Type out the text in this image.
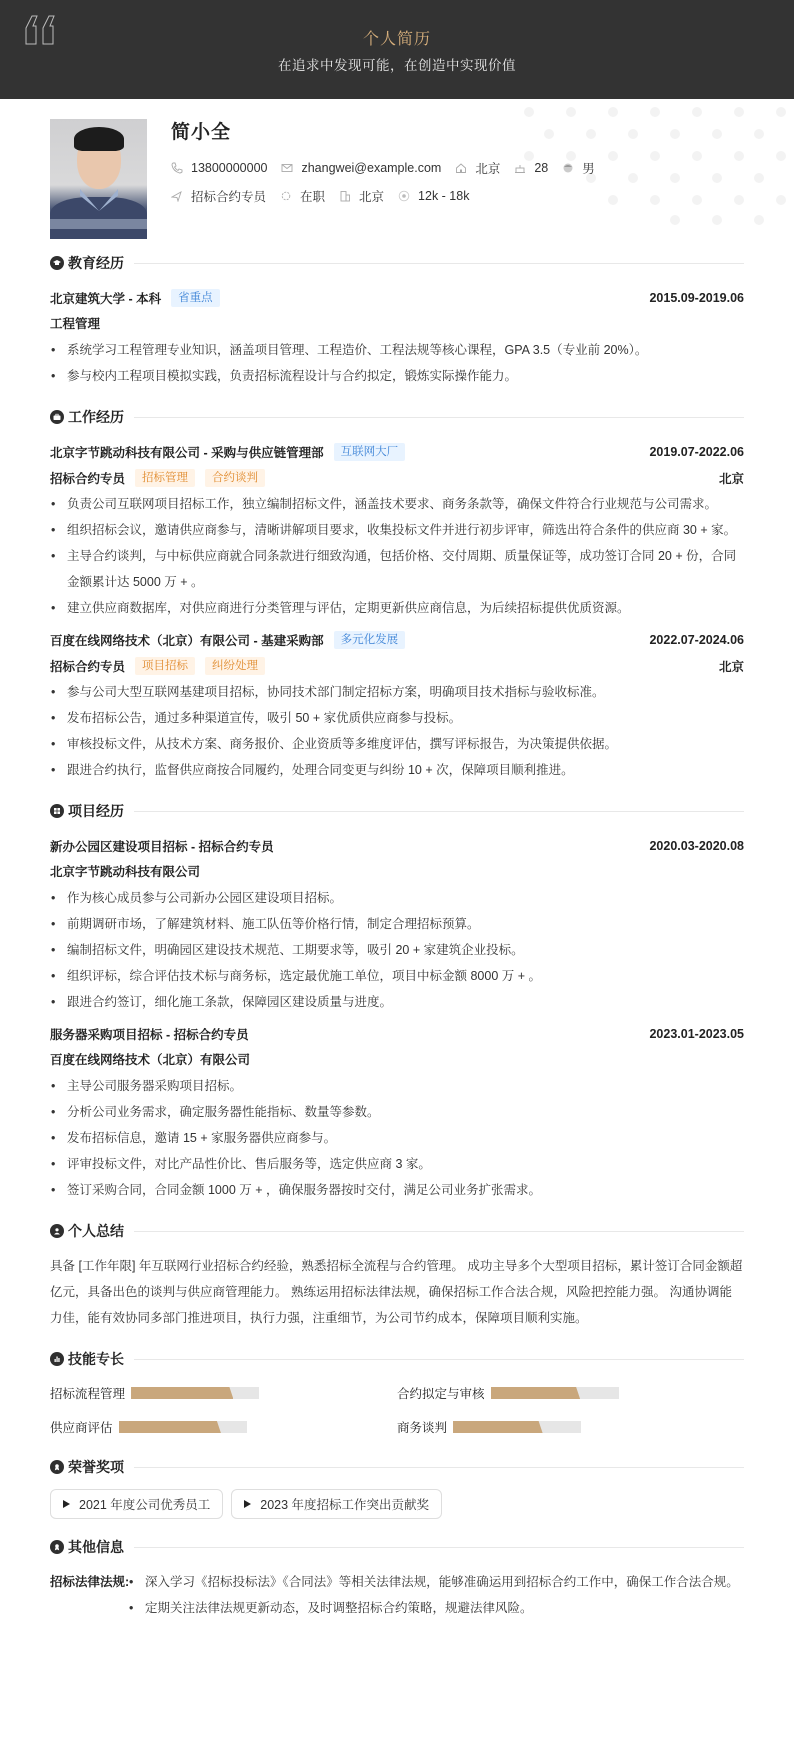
个人简历
在追求中发现可能，在创造中实现价值
简小全
13800000000	zhangwei@example.com	北京	28	男
招标合约专员	在职	北京	12k - 18k
教育经历
北京建筑大学 - 本科	省重点	2015.09-2019.06
工程管理
• 系统学习工程管理专业知识，涵盖项目管理、工程造价、工程法规等核心课程，GPA 3.5（专业前 20%）。
• 参与校内工程项目模拟实践，负责招标流程设计与合约拟定，锻炼实际操作能力。
工作经历
北京字节跳动科技有限公司 - 采购与供应链管理部	互联网大厂	2019.07-2022.06
招标合约专员	招标管理	合约谈判	北京
• 负责公司互联网项目招标工作，独立编制招标文件，涵盖技术要求、商务条款等，确保文件符合行业规范与公司需求。
• 组织招标会议，邀请供应商参与，清晰讲解项目要求，收集投标文件并进行初步评审，筛选出符合条件的供应商 30 + 家。
• 主导合约谈判，与中标供应商就合同条款进行细致沟通，包括价格、交付周期、质量保证等，成功签订合同 20 + 份，合同金额累计达 5000 万 + 。
• 建立供应商数据库，对供应商进行分类管理与评估，定期更新供应商信息，为后续招标提供优质资源。
百度在线网络技术（北京）有限公司 - 基建采购部	多元化发展	2022.07-2024.06
招标合约专员	项目招标	纠纷处理	北京
• 参与公司大型互联网基建项目招标，协同技术部门制定招标方案，明确项目技术指标与验收标准。
• 发布招标公告，通过多种渠道宣传，吸引 50 + 家优质供应商参与投标。
• 审核投标文件，从技术方案、商务报价、企业资质等多维度评估，撰写评标报告，为决策提供依据。
• 跟进合约执行，监督供应商按合同履约，处理合同变更与纠纷 10 + 次，保障项目顺利推进。
项目经历
新办公园区建设项目招标 - 招标合约专员	2020.03-2020.08
北京字节跳动科技有限公司
• 作为核心成员参与公司新办公园区建设项目招标。
• 前期调研市场，了解建筑材料、施工队伍等价格行情，制定合理招标预算。
• 编制招标文件，明确园区建设技术规范、工期要求等，吸引 20 + 家建筑企业投标。
• 组织评标，综合评估技术标与商务标，选定最优施工单位，项目中标金额 8000 万 + 。
• 跟进合约签订，细化施工条款，保障园区建设质量与进度。
服务器采购项目招标 - 招标合约专员	2023.01-2023.05
百度在线网络技术（北京）有限公司
• 主导公司服务器采购项目招标。
• 分析公司业务需求，确定服务器性能指标、数量等参数。
• 发布招标信息，邀请 15 + 家服务器供应商参与。
• 评审投标文件，对比产品性价比、售后服务等，选定供应商 3 家。
• 签订采购合同，合同金额 1000 万 + ，确保服务器按时交付，满足公司业务扩张需求。
个人总结
具备 [工作年限] 年互联网行业招标合约经验，熟悉招标全流程与合约管理。 成功主导多个大型项目招标，累计签订合同金额超亿元，具备出色的谈判与供应商管理能力。 熟练运用招标法律法规，确保招标工作合法合规，风险把控能力强。 沟通协调能力佳，能有效协同多部门推进项目，执行力强，注重细节，为公司节约成本，保障项目顺利实施。
技能专长
招标流程管理	合约拟定与审核
供应商评估	商务谈判
荣誉奖项
2021 年度公司优秀员工	2023 年度招标工作突出贡献奖
其他信息
招标法律法规:	• 深入学习《招标投标法》《合同法》等相关法律法规，能够准确运用到招标合约工作中，确保工作合法合规。
• 定期关注法律法规更新动态，及时调整招标合约策略，规避法律风险。
